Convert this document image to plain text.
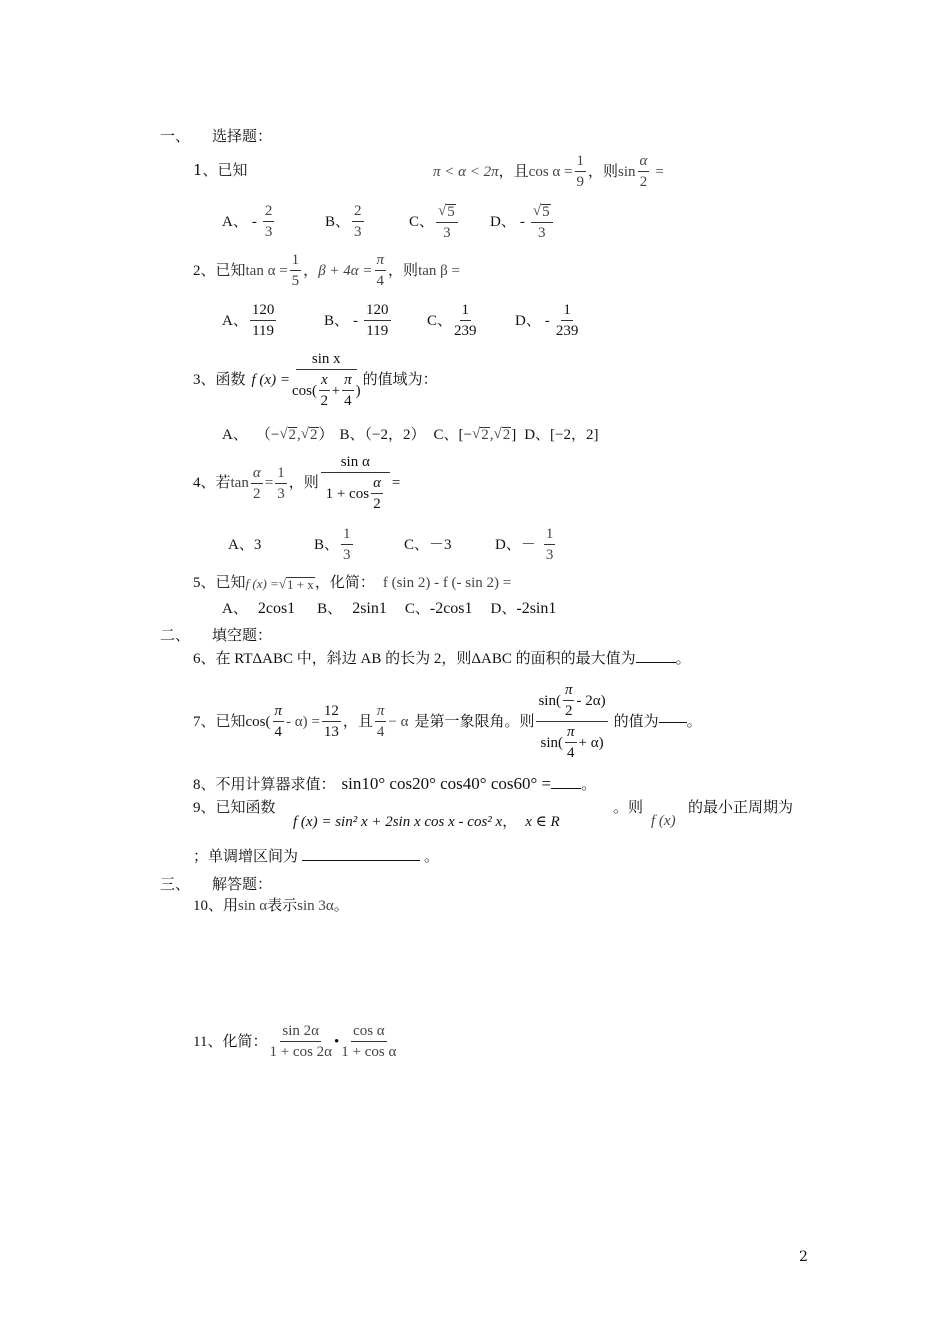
一、 选择题：
1、已知	π < α < 2π ，且 $\cos \alpha = \frac{1}{9}$ ，则 $\sin \frac{\alpha}{2}$ =
A、 - $\frac{2}{3}$	B、 $\frac{2}{3}$	C、 $\frac{√ 5}{3}$ D、 - $\frac{√ 5}{3}$
2、已知 $\tan \alpha = \frac{1}{5}$ ， $\beta + 4\alpha = \frac{\pi}{4}$ ，则 tan β =
A、 $\frac{120}{119}$	B、 - $\frac{120}{119}$ C、 $\frac{1}{239}$	D、 - $\frac{1}{239}$
3、函数 f $(x) = \frac{\text{sin x}}{\cos( \frac{x}{2} + \frac{\pi}{4} )}$ 的值域为：
A、 （− √ 2 , √ 2 ） B、（−2，2） C、 [− √ 2 , √ 2 ] D、[−2，2]
4、若 $\tan \frac{\alpha}{2} = \frac{1}{3}$ ，则 $\frac{\text{sin α}}{1 + \cos \frac{\alpha}{2}}$ =
A、3	B、 $\frac{1}{3}$	C、－3	D、－ $\frac{1}{3}$
5、已知 f (x) = √ 1 + x ，化简： f (sin 2) - f (- sin 2) =
A、 2cos1 B、 2sin1 C、 -2cos1 D、 -2sin1
二、 填空题：
6、在 RTΔABC 中，斜边 AB 的长为 2，则ΔABC 的面积的最大值为	。
7、已知 $\cos( \frac{\pi}{4} - \alpha) = \frac{12}{13}$ ，且 $\frac{\pi}{4} - \alpha$ 是第一象限角。则 $\frac{\sin( \frac{\pi}{2} - 2\alpha)}{\sin( \frac{\pi}{4} + \alpha)}$ 的值为 。
8、不用计算器求值： sin10° cos20° cos40° cos60° = 。
9、已知函数
f (x) = sin² x + 2sin x cos x - cos² x ， x ∈ R
。则
f (x)
的最小正周期为
；单调增区间为	。
三、 解答题：
10、用 sin α 表示 sin 3α 。
11、化简： $\frac{\sin 2\alpha}{1 + \cos 2\alpha}$ • $\frac{\text{cos α}}{\text{1 + cos α}}$
2
